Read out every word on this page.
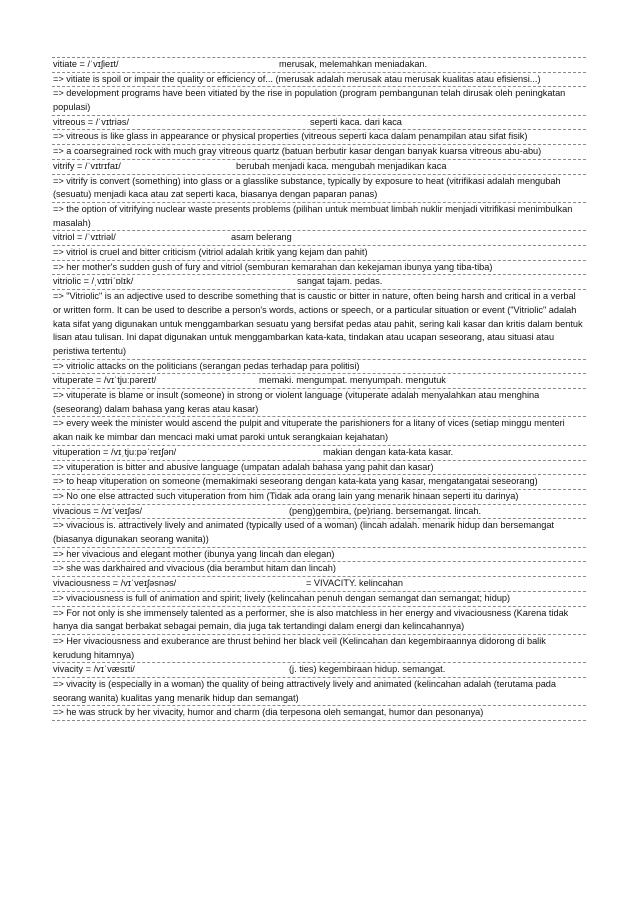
vitiate = /ˈvɪʃieɪt/	merusak, melemahkan meniadakan.
=> vitiate is spoil or impair the quality or efficiency of... (merusak adalah merusak atau merusak kualitas atau efisiensi...)
=> development programs have been vitiated by the rise in population (program pembangunan telah dirusak oleh peningkatan populasi)
vitreous = /ˈvɪtriəs/	seperti kaca. dari kaca
=> vitreous is like glass in appearance or physical properties (vitreous seperti kaca dalam penampilan atau sifat fisik)
=> a coarsegrained rock with much gray vitreous quartz (batuan berbutir kasar dengan banyak kuarsa vitreous abu-abu)
vitrify = /ˈvɪtrɪfaɪ/	berubah menjadi kaca. mengubah menjadikan kaca
=> vitrify is convert (something) into glass or a glasslike substance, typically by exposure to heat (vitrifikasi adalah mengubah (sesuatu) menjadi kaca atau zat seperti kaca, biasanya dengan paparan panas)
=> the option of vitrifying nuclear waste presents problems (pilihan untuk membuat limbah nuklir menjadi vitrifikasi menimbulkan masalah)
vitriol = /ˈvɪtriəl/	asam belerang
=> vitriol is cruel and bitter criticism (vitriol adalah kritik yang kejam dan pahit)
=> her mother's sudden gush of fury and vitriol (semburan kemarahan dan kekejaman ibunya yang tiba-tiba)
vitriolic = /ˌvɪtriˈɒlɪk/	sangat tajam. pedas.
=> "Vitriolic" is an adjective used to describe something that is caustic or bitter in nature, often being harsh and critical in a verbal or written form. It can be used to describe a person's words, actions or speech, or a particular situation or event ("Vitriolic" adalah kata sifat yang digunakan untuk menggambarkan sesuatu yang bersifat pedas atau pahit, sering kali kasar dan kritis dalam bentuk lisan atau tulisan. Ini dapat digunakan untuk menggambarkan kata-kata, tindakan atau ucapan seseorang, atau situasi atau peristiwa tertentu)
=> vitriolic attacks on the politicians (serangan pedas terhadap para politisi)
vituperate = /vɪˈtjuːpəreɪt/	memaki. mengumpat. menyumpah. mengutuk
=> vituperate is blame or insult (someone) in strong or violent language (vituperate adalah menyalahkan atau menghina (seseorang) dalam bahasa yang keras atau kasar)
=> every week the minister would ascend the pulpit and vituperate the parishioners for a litany of vices (setiap minggu menteri akan naik ke mimbar dan mencaci maki umat paroki untuk serangkaian kejahatan)
vituperation = /vɪˌtjuːpəˈreɪʃən/	makian dengan kata-kata kasar.
=> vituperation is bitter and abusive language (umpatan adalah bahasa yang pahit dan kasar)
=> to heap vituperation on someone (memakimaki seseorang dengan kata-kata yang kasar, mengatangatai seseorang)
=> No one else attracted such vituperation from him (Tidak ada orang lain yang menarik hinaan seperti itu darinya)
vivacious = /vɪˈveɪʃəs/	(peng)gembira, (pe)riang. bersemangat. lincah.
=> vivacious is. attractively lively and animated (typically used of a woman) (lincah adalah. menarik hidup dan bersemangat (biasanya digunakan seorang wanita))
=> her vivacious and elegant mother (ibunya yang lincah dan elegan)
=> she was darkhaired and vivacious (dia berambut hitam dan lincah)
vivaciousness = /vɪˈveɪʃəsnəs/	= VIVACITY. kelincahan
=> vivaciousness is full of animation and spirit; lively (kelincahan penuh dengan semangat dan semangat; hidup)
=> For not only is she immensely talented as a performer, she is also matchless in her energy and vivaciousness (Karena tidak hanya dia sangat berbakat sebagai pemain, dia juga tak tertandingi dalam energi dan kelincahannya)
=> Her vivaciousness and exuberance are thrust behind her black veil (Kelincahan dan kegembiraannya didorong di balik kerudung hitamnya)
vivacity = /vɪˈvæsɪti/	(j. ties) kegembiraan hidup. semangat.
=> vivacity is (especially in a woman) the quality of being attractively lively and animated (kelincahan adalah (terutama pada seorang wanita) kualitas yang menarik hidup dan semangat)
=> he was struck by her vivacity, humor and charm (dia terpesona oleh semangat, humor dan pesonanya)
